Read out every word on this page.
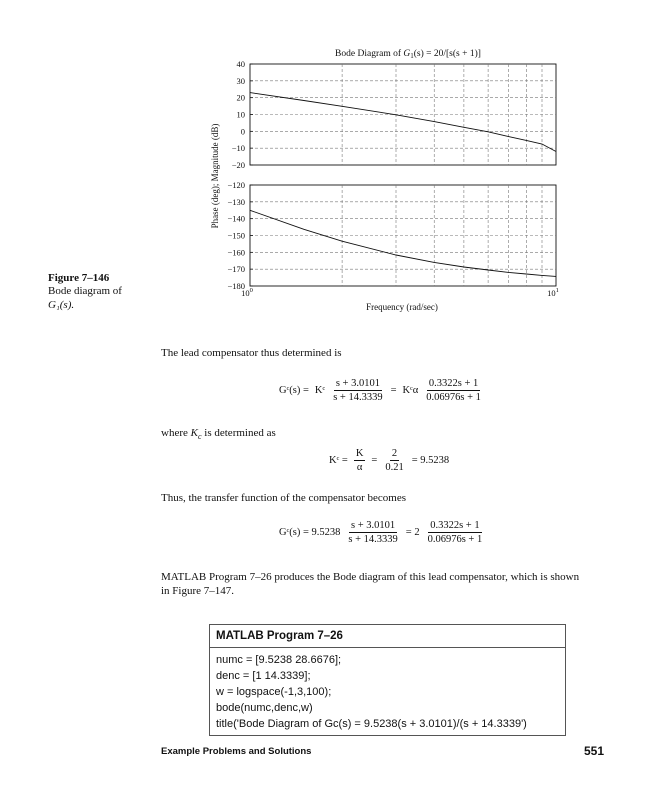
Bode Diagram of $G_1(s) = 20/[s(s + 1)]$
40
30
20
10
0
−10
−20
−120
−130
−140
−150
−160
−170
−180
$10^0$	$10^1$
Phase (deg); Magnitude (dB)
Frequency (rad/sec)
Figure 7–146
Bode diagram of
G₁(s).
The lead compensator thus determined is
Gᶜ(s) = Kᶜ $\frac{s + 3.0101}{s + 14.3339}$ = Kᶜα $\frac{0.3322s + 1}{0.06976s + 1}$
where $K_c$ is determined as
Kᶜ = $\frac{K}{\alpha} = \frac{2}{0.21} = 9.5238$
Thus, the transfer function of the compensator becomes
Gᶜ(s) = $9.5238 \frac{s + 3.0101}{s + 14.3339} = 2 \frac{0.3322s + 1}{0.06976s + 1}$
MATLAB Program 7–26 produces the Bode diagram of this lead compensator, which is shown
in Figure 7–147.
MATLAB Program 7–26
numc = [9.5238 28.6676];
denc = [1 14.3339];
w = logspace(-1,3,100);
bode(numc,denc,w)
title('Bode Diagram of Gc(s) = 9.5238(s + 3.0101)/(s + 14.3339')
Example Problems and Solutions	551
